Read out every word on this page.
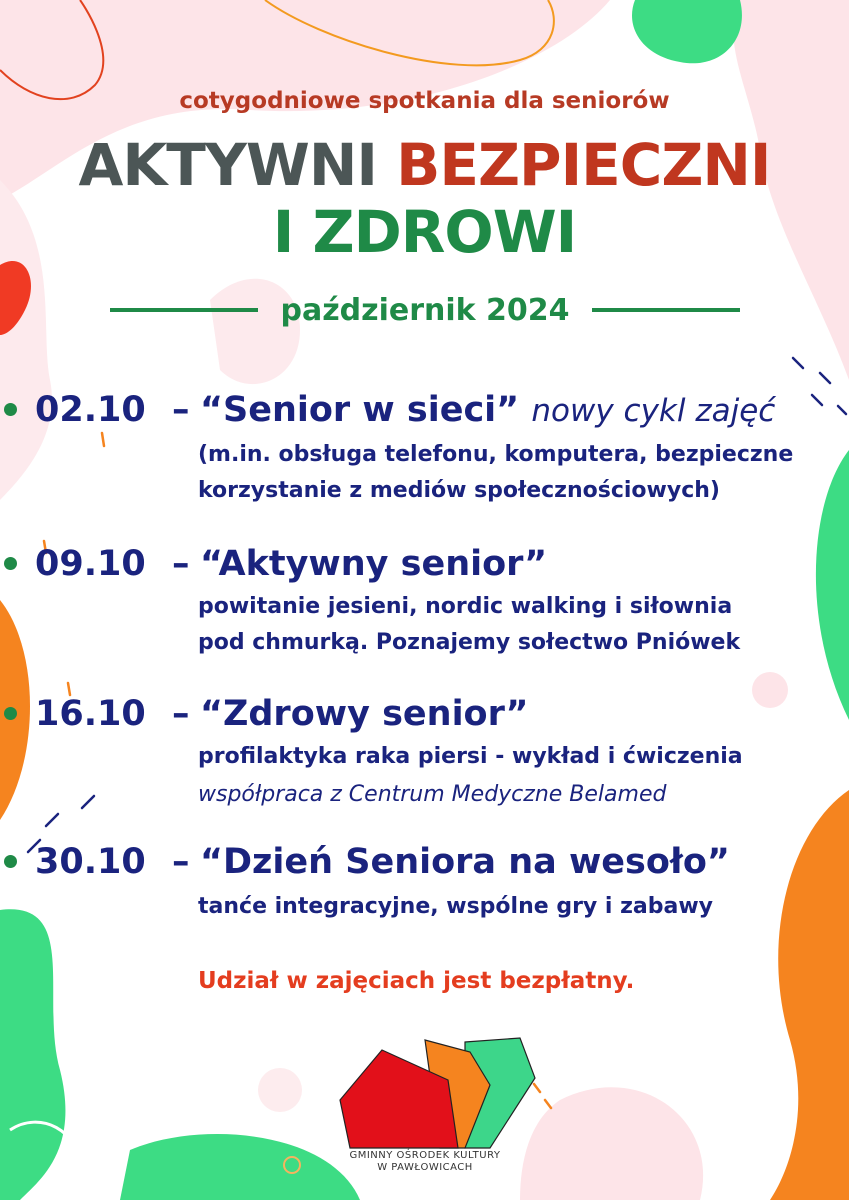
cotygodniowe spotkania dla seniorów
AKTYWNI BEZPIECZNI
I ZDROWI
październik 2024
02.10 – “Senior w sieci” nowy cykl zajęć
(m.in. obsługa telefonu, komputera, bezpieczne
korzystanie z mediów społecznościowych)
09.10 – “Aktywny senior”
powitanie jesieni, nordic walking i siłownia
pod chmurką. Poznajemy sołectwo Pniówek
16.10 – “Zdrowy senior”
profilaktyka raka piersi - wykład i ćwiczenia
współpraca z Centrum Medyczne Belamed
30.10 – “Dzień Seniora na wesoło”
tanće integracyjne, wspólne gry i zabawy
Udział w zajęciach jest bezpłatny.
GMINNY OŚRODEK KULTURY
W PAWŁOWICACH
